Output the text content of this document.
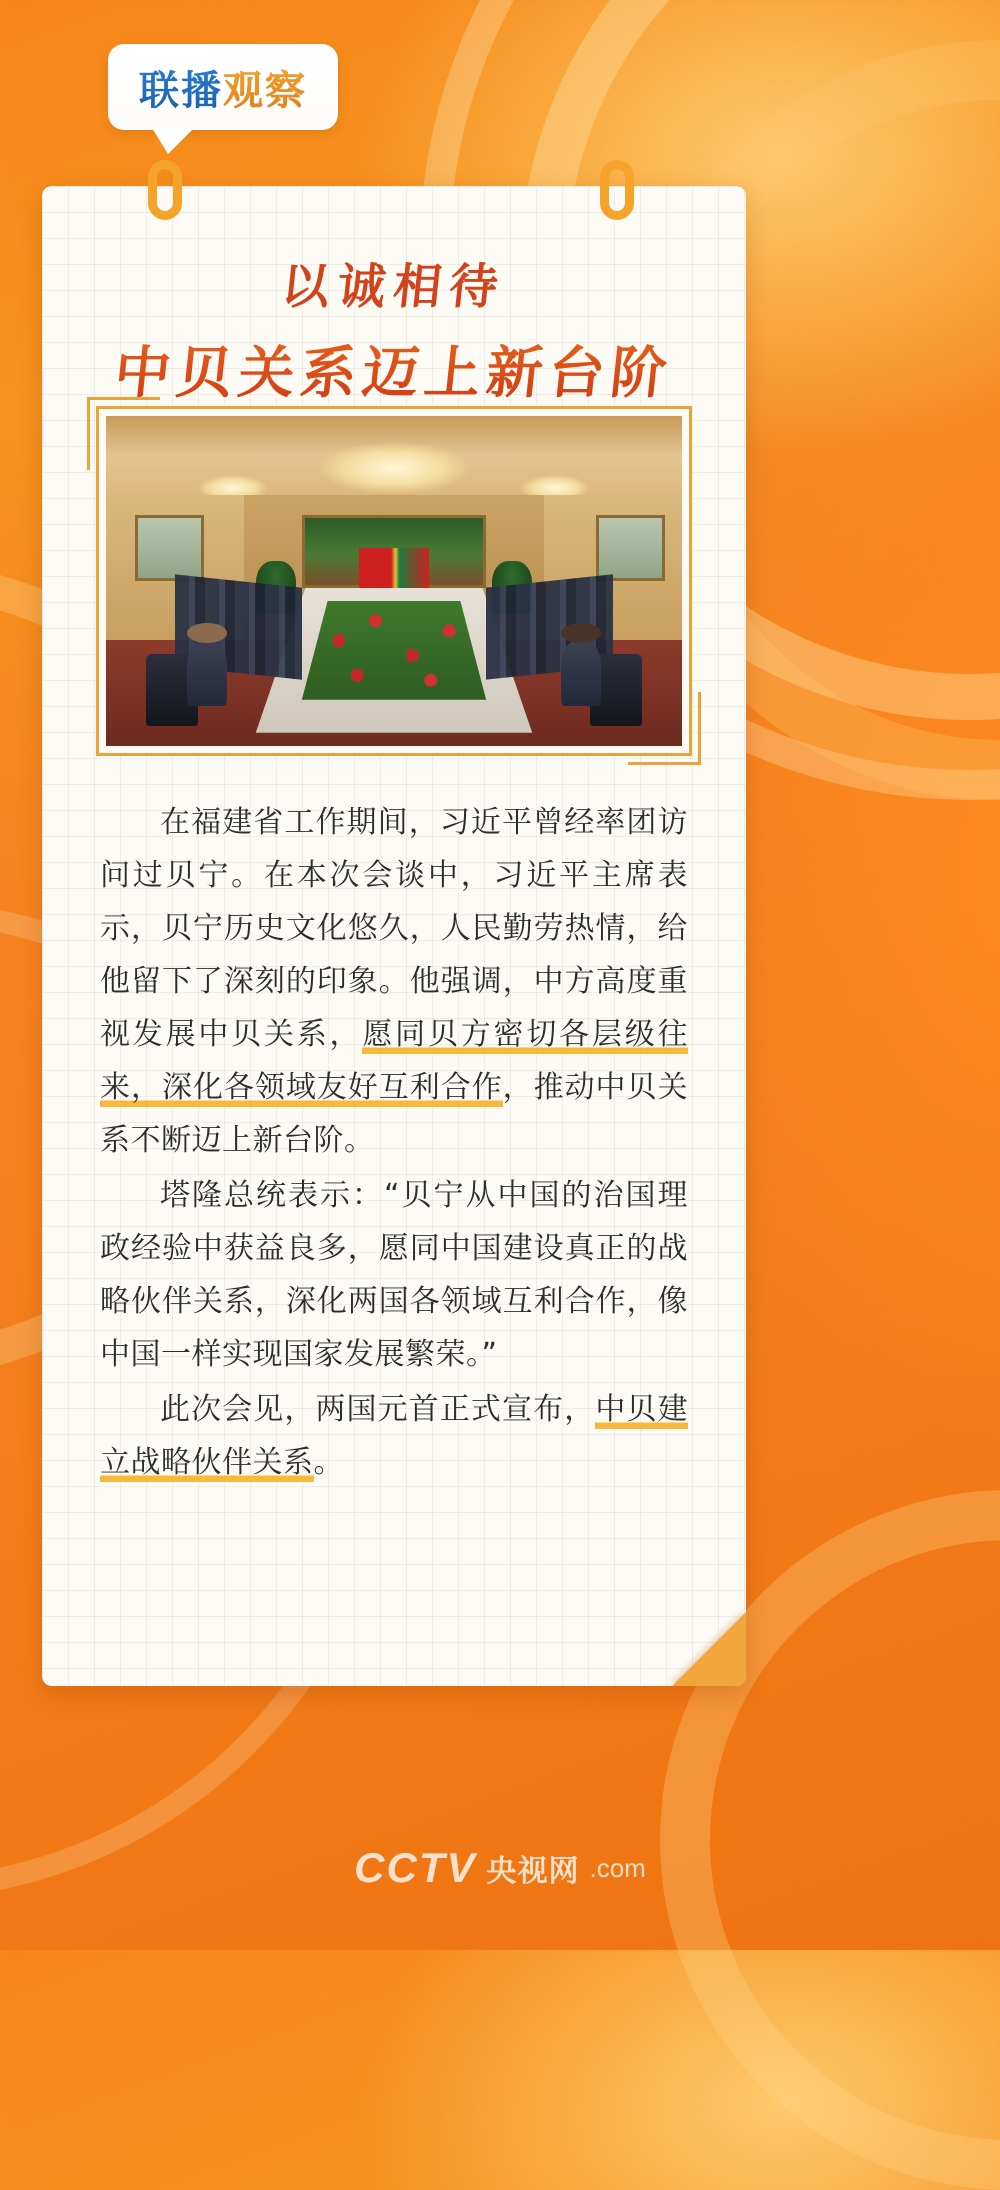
联播观察
以诚相待
中贝关系迈上新台阶

在福建省工作期间，习近平曾经率团访问过贝宁。在本次会谈中，习近平主席表示，贝宁历史文化悠久，人民勤劳热情，给他留下了深刻的印象。他强调，中方高度重视发展中贝关系，愿同贝方密切各层级往来，深化各领域友好互利合作，推动中贝关系不断迈上新台阶。

塔隆总统表示：“贝宁从中国的治国理政经验中获益良多，愿同中国建设真正的战略伙伴关系，深化两国各领域互利合作，像中国一样实现国家发展繁荣。”

此次会见，两国元首正式宣布，中贝建立战略伙伴关系。

CCTV 央视网 .com
